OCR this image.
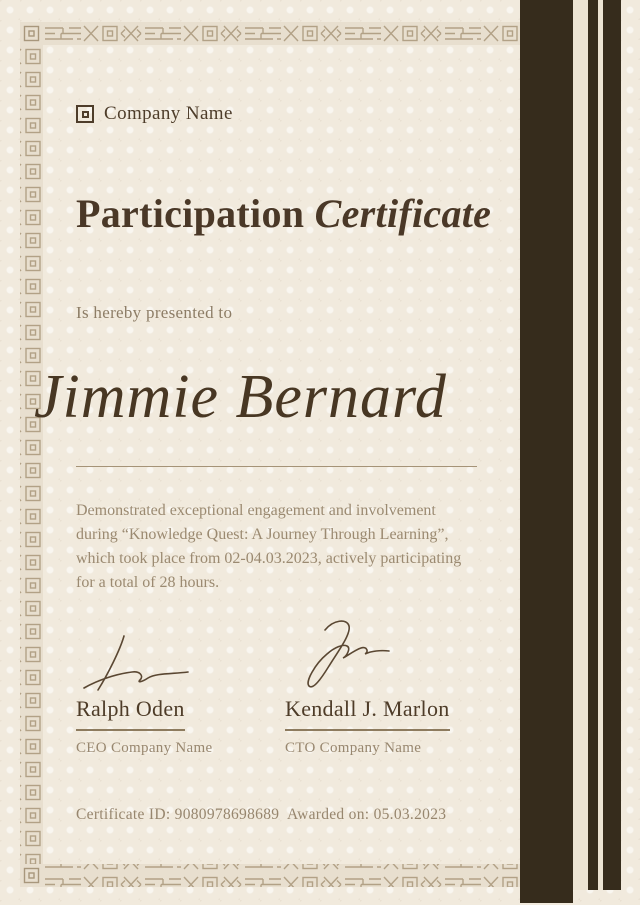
Company Name
Participation Certificate
Is hereby presented to
Jimmie Bernard

Demonstrated exceptional engagement and involvement during “Knowledge Quest: A Journey Through Learning”, which took place from 02-04.03.2023, actively participating for a total of 28 hours.

Ralph Oden
CEO Company Name
Kendall J. Marlon
CTO Company Name
Certificate ID: 9080978698689 Awarded on: 05.03.2023
